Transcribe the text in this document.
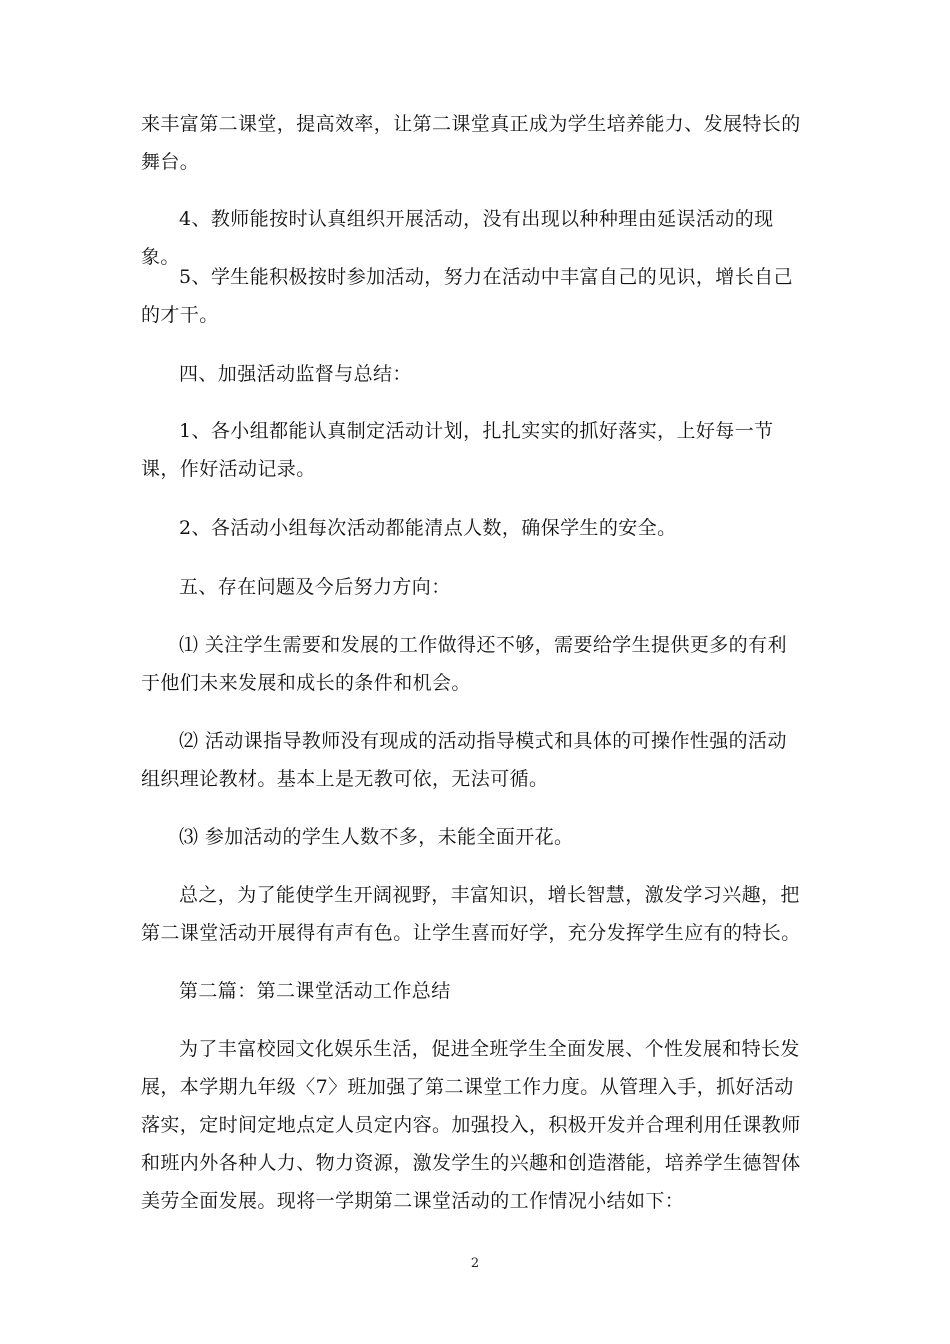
来丰富第二课堂，提高效率，让第二课堂真正成为学生培养能力、发展特长的舞台。

4、教师能按时认真组织开展活动，没有出现以种种理由延误活动的现象。

5、学生能积极按时参加活动，努力在活动中丰富自己的见识，增长自己的才干。

四、加强活动监督与总结：

1、各小组都能认真制定活动计划，扎扎实实的抓好落实，上好每一节课，作好活动记录。

2、各活动小组每次活动都能清点人数，确保学生的安全。

五、存在问题及今后努力方向：

⑴ 关注学生需要和发展的工作做得还不够，需要给学生提供更多的有利于他们未来发展和成长的条件和机会。

⑵ 活动课指导教师没有现成的活动指导模式和具体的可操作性强的活动组织理论教材。基本上是无教可依，无法可循。

⑶ 参加活动的学生人数不多，未能全面开花。

总之，为了能使学生开阔视野，丰富知识，增长智慧，激发学习兴趣，把第二课堂活动开展得有声有色。让学生喜而好学，充分发挥学生应有的特长。

第二篇：第二课堂活动工作总结

为了丰富校园文化娱乐生活，促进全班学生全面发展、个性发展和特长发展，本学期九年级〈7〉班加强了第二课堂工作力度。从管理入手，抓好活动落实，定时间定地点定人员定内容。加强投入，积极开发并合理利用任课教师和班内外各种人力、物力资源，激发学生的兴趣和创造潜能，培养学生德智体美劳全面发展。现将一学期第二课堂活动的工作情况小结如下：

2
